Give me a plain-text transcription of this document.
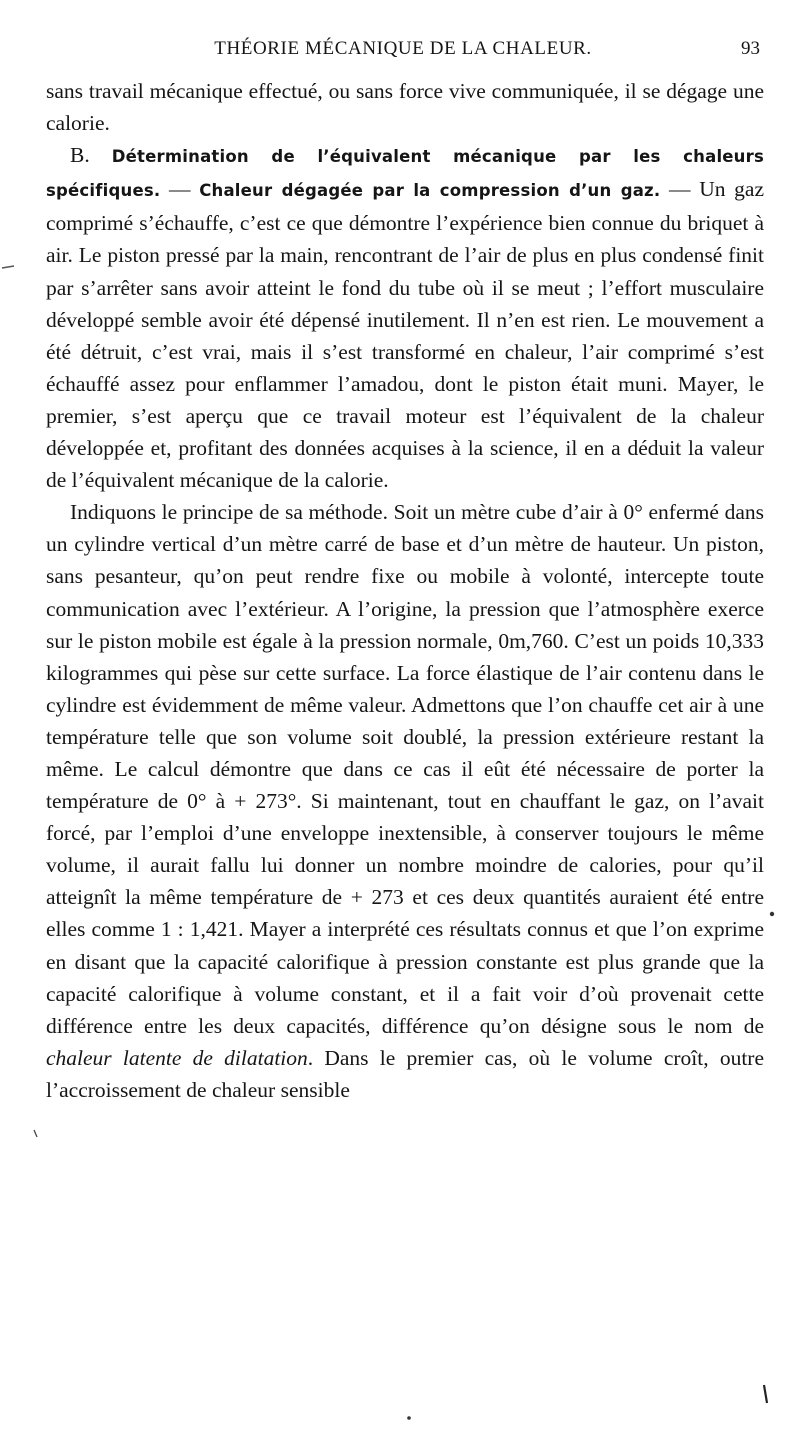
THÉORIE MÉCANIQUE DE LA CHALEUR.	93

sans travail mécanique effectué, ou sans force vive communiquée, il se dégage une calorie.

B. Détermination de l’équivalent mécanique par les chaleurs spécifiques. — Chaleur dégagée par la compression d’un gaz. — Un gaz comprimé s’échauffe, c’est ce que démontre l’expérience bien connue du briquet à air. Le piston pressé par la main, rencontrant de l’air de plus en plus condensé finit par s’arrêter sans avoir atteint le fond du tube où il se meut ; l’effort musculaire développé semble avoir été dépensé inutilement. Il n’en est rien. Le mouvement a été détruit, c’est vrai, mais il s’est transformé en chaleur, l’air comprimé s’est échauffé assez pour enflammer l’amadou, dont le piston était muni. Mayer, le premier, s’est aperçu que ce travail moteur est l’équivalent de la chaleur développée et, profitant des données acquises à la science, il en a déduit la valeur de l’équivalent mécanique de la calorie.

Indiquons le principe de sa méthode. Soit un mètre cube d’air à 0° enfermé dans un cylindre vertical d’un mètre carré de base et d’un mètre de hauteur. Un piston, sans pesanteur, qu’on peut rendre fixe ou mobile à volonté, intercepte toute communication avec l’extérieur. A l’origine, la pression que l’atmosphère exerce sur le piston mobile est égale à la pression normale, 0m,760. C’est un poids 10,333 kilogrammes qui pèse sur cette surface. La force élastique de l’air contenu dans le cylindre est évidemment de même valeur. Admettons que l’on chauffe cet air à une température telle que son volume soit doublé, la pression extérieure restant la même. Le calcul démontre que dans ce cas il eût été nécessaire de porter la température de 0° à + 273°. Si maintenant, tout en chauffant le gaz, on l’avait forcé, par l’emploi d’une enveloppe inextensible, à conserver toujours le même volume, il aurait fallu lui donner un nombre moindre de calories, pour qu’il atteignît la même température de + 273 et ces deux quantités auraient été entre elles comme 1 : 1,421. Mayer a interprété ces résultats connus et que l’on exprime en disant que la capacité calorifique à pression constante est plus grande que la capacité calorifique à volume constant, et il a fait voir d’où provenait cette différence entre les deux capacités, différence qu’on désigne sous le nom de chaleur latente de dilatation. Dans le premier cas, où le volume croît, outre l’accroissement de chaleur sensible
